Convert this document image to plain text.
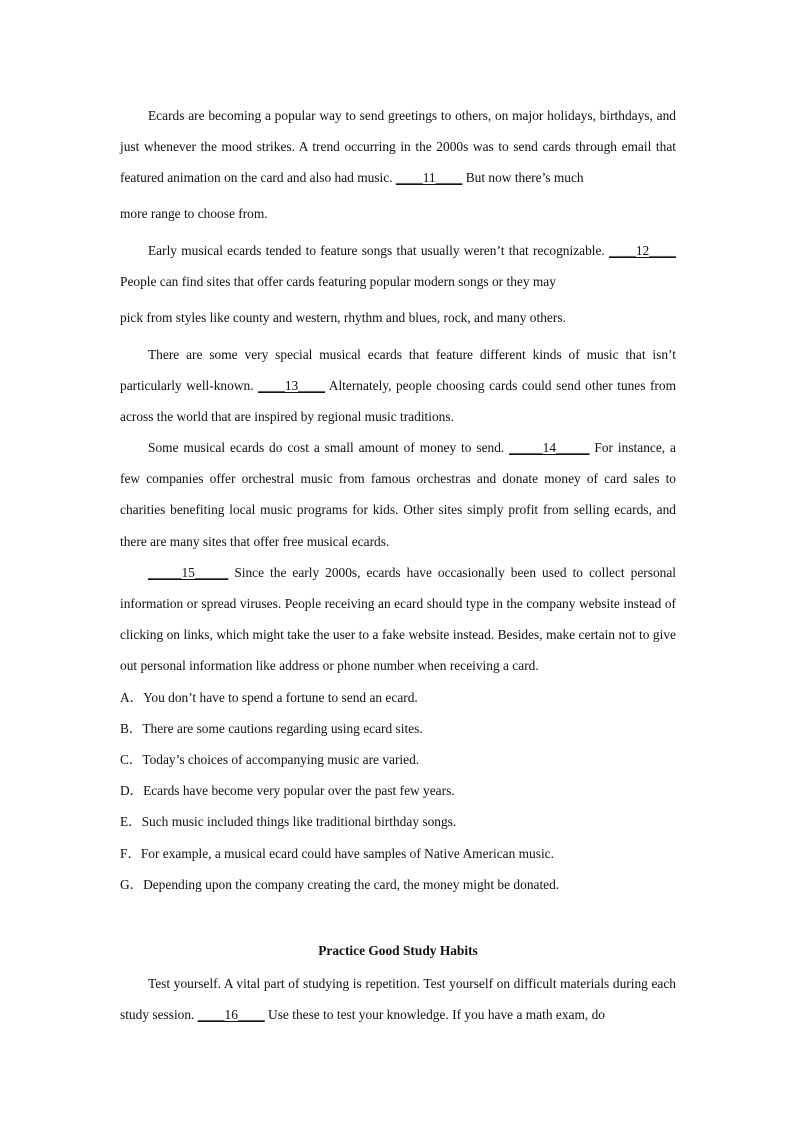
Ecards are becoming a popular way to send greetings to others, on major holidays, birthdays, and just whenever the mood strikes. A trend occurring in the 2000s was to send cards through email that featured animation on the card and also had music. ____11____ But now there’s much
more range to choose from.

Early musical ecards tended to feature songs that usually weren’t that recognizable. ____12____ People can find sites that offer cards featuring popular modern songs or they may
pick from styles like county and western, rhythm and blues, rock, and many others.

There are some very special musical ecards that feature different kinds of music that isn’t particularly well-known. ____13____ Alternately, people choosing cards could send other tunes from across the world that are inspired by regional music traditions.

Some musical ecards do cost a small amount of money to send. _____14_____ For instance, a few companies offer orchestral music from famous orchestras and donate money of card sales to charities benefiting local music programs for kids. Other sites simply profit from selling ecards, and there are many sites that offer free musical ecards.

_____15_____ Since the early 2000s, ecards have occasionally been used to collect personal information or spread viruses. People receiving an ecard should type in the company website instead of clicking on links, which might take the user to a fake website instead. Besides, make certain not to give out personal information like address or phone number when receiving a card.

A．You don’t have to spend a fortune to send an ecard.
B．There are some cautions regarding using ecard sites.
C．Today’s choices of accompanying music are varied.
D．Ecards have become very popular over the past few years.
E．Such music included things like traditional birthday songs.
F．For example, a musical ecard could have samples of Native American music.
G．Depending upon the company creating the card, the money might be donated.
Practice Good Study Habits

Test yourself. A vital part of studying is repetition. Test yourself on difficult materials during each study session. ____16____ Use these to test your knowledge. If you have a math exam, do
